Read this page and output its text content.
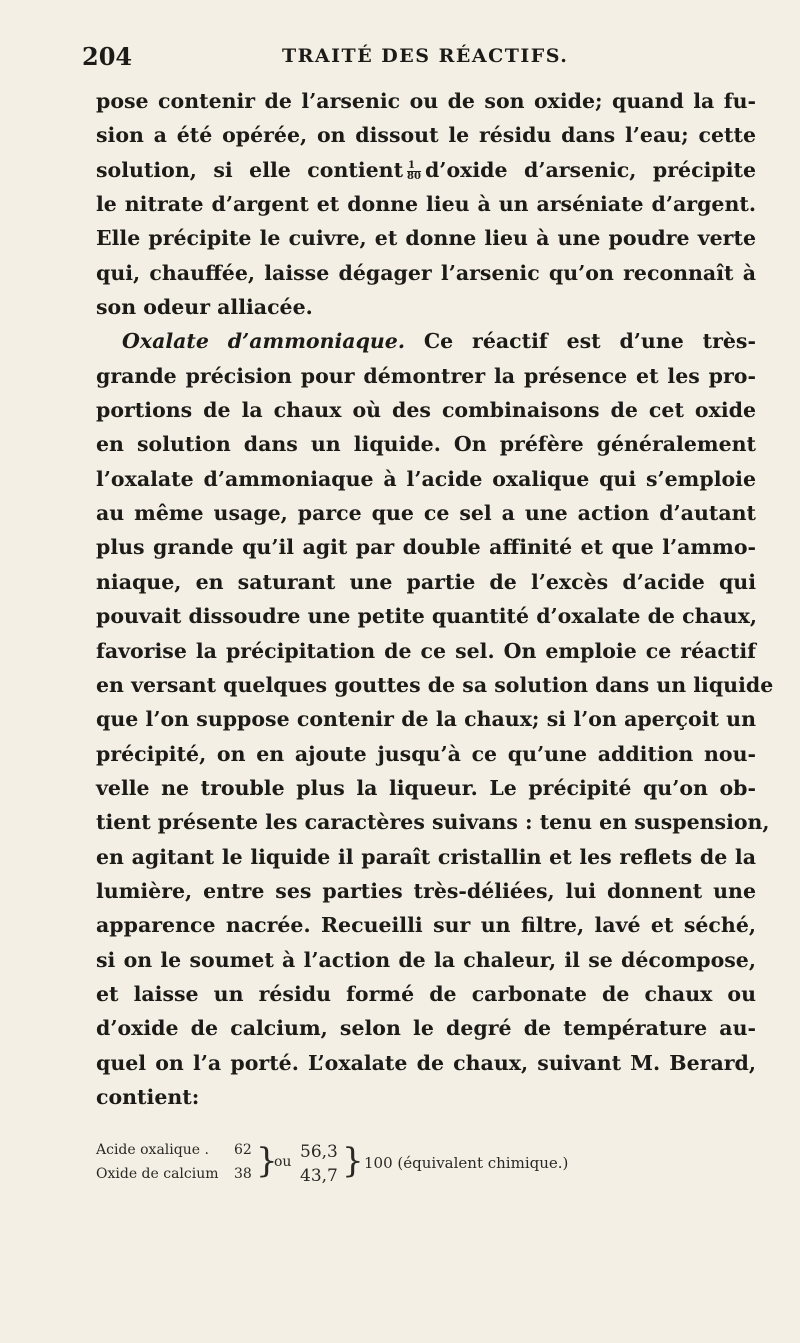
204	TRAITÉ DES RÉACTIFS.
pose contenir de l’arsenic ou de son oxide; quand la fu-
sion a été opérée, on dissout le résidu dans l’eau; cette
solution, si elle contient $\frac{1}{80}$ d’oxide d’arsenic, précipite
le nitrate d’argent et donne lieu à un arséniate d’argent.
Elle précipite le cuivre, et donne lieu à une poudre verte
qui, chauffée, laisse dégager l’arsenic qu’on reconnaît à
son odeur alliacée.
Oxalate d’ammoniaque. Ce réactif est d’une très-
grande précision pour démontrer la présence et les pro-
portions de la chaux où des combinaisons de cet oxide
en solution dans un liquide. On préfère généralement
l’oxalate d’ammoniaque à l’acide oxalique qui s’emploie
au même usage, parce que ce sel a une action d’autant
plus grande qu’il agit par double affinité et que l’ammo-
niaque, en saturant une partie de l’excès d’acide qui
pouvait dissoudre une petite quantité d’oxalate de chaux,
favorise la précipitation de ce sel. On emploie ce réactif
en versant quelques gouttes de sa solution dans un liquide
que l’on suppose contenir de la chaux; si l’on aperçoit un
précipité, on en ajoute jusqu’à ce qu’une addition nou-
velle ne trouble plus la liqueur. Le précipité qu’on ob-
tient présente les caractères suivans : tenu en suspension,
en agitant le liquide il paraît cristallin et les reflets de la
lumière, entre ses parties très-déliées, lui donnent une
apparence nacrée. Recueilli sur un filtre, lavé et séché,
si on le soumet à l’action de la chaleur, il se décompose,
et laisse un résidu formé de carbonate de chaux ou
d’oxide de calcium, selon le degré de température au-
quel on l’a porté. L’oxalate de chaux, suivant M. Berard,
contient:
Acide oxalique . 62
Oxide de calcium 38 }
ou 56,3
43,7 } 100 (équivalent chimique.)
